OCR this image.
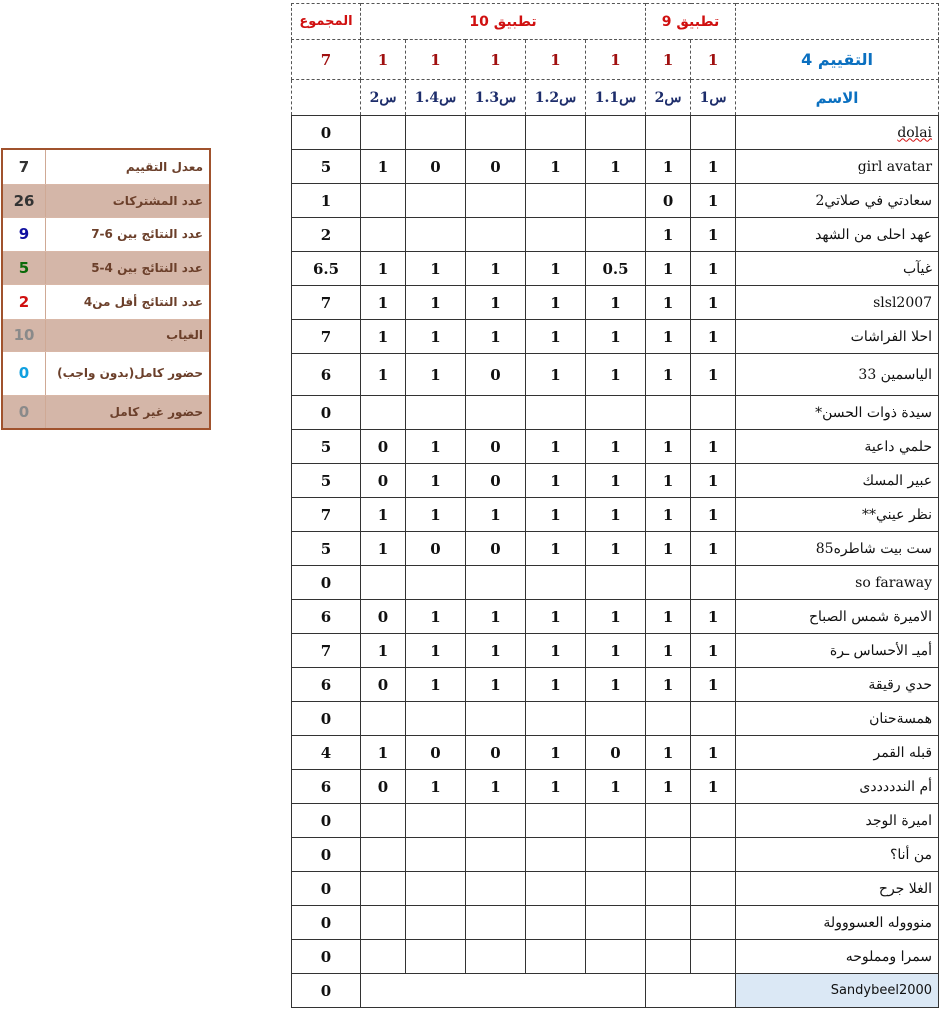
7	معدل التقييم
26	عدد المشتركات
9	عدد النتائج بين 6-7
5	عدد النتائج بين 4-5
2	عدد النتائج أقل من4
10	الغياب
0	حضور كامل(بدون واجب)
0	حضور غير كامل
المجموع	تطبيق 10					تطبيق 9		
7	1	1	1	1	1	1	1	التقييم 4
	س2	س1.4	س1.3	س1.2	س1.1	س2	س1	الاسم
0								dolai
5	1	0	0	1	1	1	1	girl avatar
1						0	1	سعادتي في صلاتي2
2						1	1	عهد احلى من الشهد
6.5	1	1	1	1	0.5	1	1	غيآب
7	1	1	1	1	1	1	1	slsl2007
7	1	1	1	1	1	1	1	احلا الفراشات
6	1	1	0	1	1	1	1	الياسمين 33
0								سيدة ذوات الحسن*
5	0	1	0	1	1	1	1	حلمي داعية
5	0	1	0	1	1	1	1	عبير المسك
7	1	1	1	1	1	1	1	نظر عيني**
5	1	0	0	1	1	1	1	ست بيت شاطره85
0								so faraway
6	0	1	1	1	1	1	1	الاميرة شمس الصباح
7	1	1	1	1	1	1	1	أميـ الأحساس ـرة
6	0	1	1	1	1	1	1	حدي رقيقة
0								همسةحنان
4	1	0	0	1	0	1	1	قبله القمر
6	0	1	1	1	1	1	1	أم الندددددى
0								اميرة الوجد
0								من أنا؟
0								الغلا جرح
0								منوووله العسووولة
0								سمرا ومملوحه
0								Sandybeel2000
